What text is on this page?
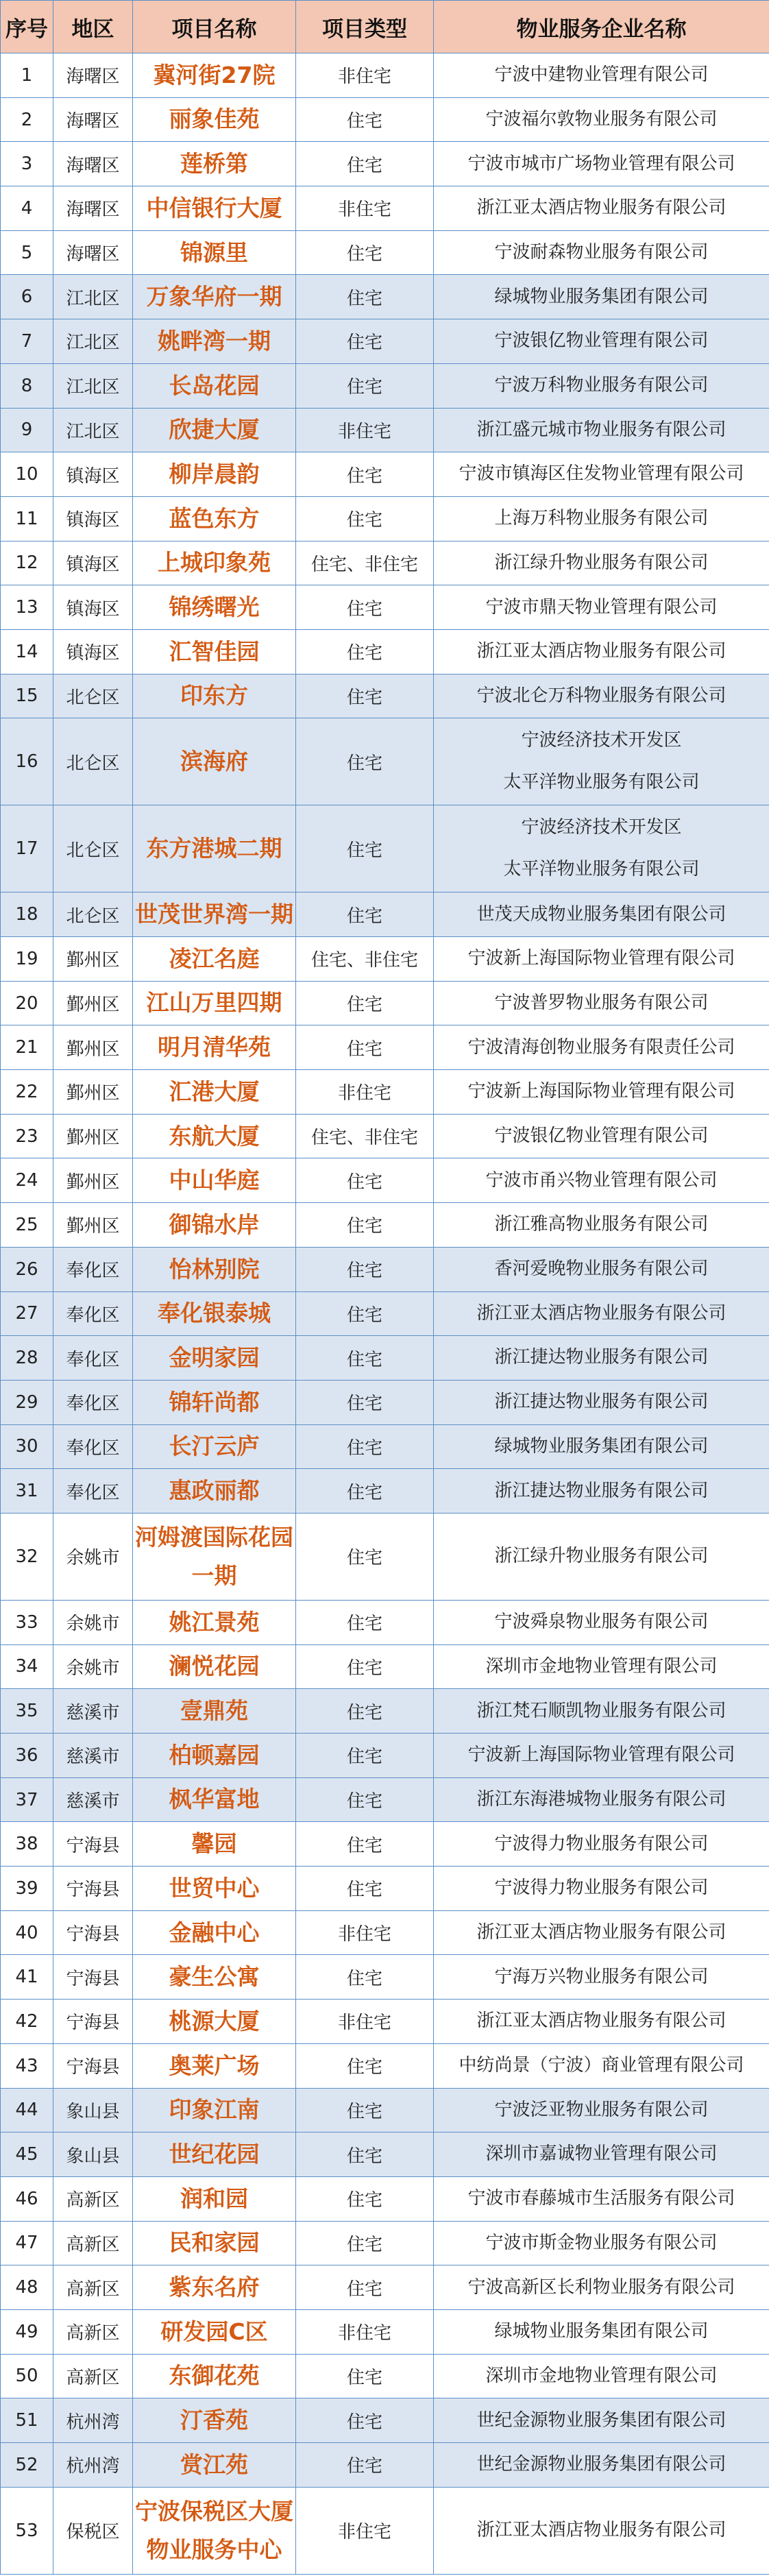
序号	地区	项目名称	项目类型	物业服务企业名称
1	海曙区	冀河街27院	非住宅	宁波中建物业管理有限公司
2	海曙区	丽象佳苑	住宅	宁波福尔敦物业服务有限公司
3	海曙区	莲桥第	住宅	宁波市城市广场物业管理有限公司
4	海曙区	中信银行大厦	非住宅	浙江亚太酒店物业服务有限公司
5	海曙区	锦源里	住宅	宁波耐森物业服务有限公司
6	江北区	万象华府一期	住宅	绿城物业服务集团有限公司
7	江北区	姚畔湾一期	住宅	宁波银亿物业管理有限公司
8	江北区	长岛花园	住宅	宁波万科物业服务有限公司
9	江北区	欣捷大厦	非住宅	浙江盛元城市物业服务有限公司
10	镇海区	柳岸晨韵	住宅	宁波市镇海区住发物业管理有限公司
11	镇海区	蓝色东方	住宅	上海万科物业服务有限公司
12	镇海区	上城印象苑	住宅、非住宅	浙江绿升物业服务有限公司
13	镇海区	锦绣曙光	住宅	宁波市鼎天物业管理有限公司
14	镇海区	汇智佳园	住宅	浙江亚太酒店物业服务有限公司
15	北仑区	印东方	住宅	宁波北仑万科物业服务有限公司
16	北仑区	滨海府	住宅	宁波经济技术开发区
太平洋物业服务有限公司
17	北仑区	东方港城二期	住宅	宁波经济技术开发区
太平洋物业服务有限公司
18	北仑区	世茂世界湾一期	住宅	世茂天成物业服务集团有限公司
19	鄞州区	凌江名庭	住宅、非住宅	宁波新上海国际物业管理有限公司
20	鄞州区	江山万里四期	住宅	宁波普罗物业服务有限公司
21	鄞州区	明月清华苑	住宅	宁波清海创物业服务有限责任公司
22	鄞州区	汇港大厦	非住宅	宁波新上海国际物业管理有限公司
23	鄞州区	东航大厦	住宅、非住宅	宁波银亿物业管理有限公司
24	鄞州区	中山华庭	住宅	宁波市甬兴物业管理有限公司
25	鄞州区	御锦水岸	住宅	浙江雅高物业服务有限公司
26	奉化区	怡林别院	住宅	香河爱晚物业服务有限公司
27	奉化区	奉化银泰城	住宅	浙江亚太酒店物业服务有限公司
28	奉化区	金明家园	住宅	浙江捷达物业服务有限公司
29	奉化区	锦轩尚都	住宅	浙江捷达物业服务有限公司
30	奉化区	长汀云庐	住宅	绿城物业服务集团有限公司
31	奉化区	惠政丽都	住宅	浙江捷达物业服务有限公司
32	余姚市	河姆渡国际花园
一期	住宅	浙江绿升物业服务有限公司
33	余姚市	姚江景苑	住宅	宁波舜泉物业服务有限公司
34	余姚市	澜悦花园	住宅	深圳市金地物业管理有限公司
35	慈溪市	壹鼎苑	住宅	浙江梵石顺凯物业服务有限公司
36	慈溪市	柏顿嘉园	住宅	宁波新上海国际物业管理有限公司
37	慈溪市	枫华富地	住宅	浙江东海港城物业服务有限公司
38	宁海县	馨园	住宅	宁波得力物业服务有限公司
39	宁海县	世贸中心	住宅	宁波得力物业服务有限公司
40	宁海县	金融中心	非住宅	浙江亚太酒店物业服务有限公司
41	宁海县	豪生公寓	住宅	宁海万兴物业服务有限公司
42	宁海县	桃源大厦	非住宅	浙江亚太酒店物业服务有限公司
43	宁海县	奥莱广场	住宅	中纺尚景（宁波）商业管理有限公司
44	象山县	印象江南	住宅	宁波泛亚物业服务有限公司
45	象山县	世纪花园	住宅	深圳市嘉诚物业管理有限公司
46	高新区	润和园	住宅	宁波市春藤城市生活服务有限公司
47	高新区	民和家园	住宅	宁波市斯金物业服务有限公司
48	高新区	紫东名府	住宅	宁波高新区长利物业服务有限公司
49	高新区	研发园C区	非住宅	绿城物业服务集团有限公司
50	高新区	东御花苑	住宅	深圳市金地物业管理有限公司
51	杭州湾	汀香苑	住宅	世纪金源物业服务集团有限公司
52	杭州湾	赏江苑	住宅	世纪金源物业服务集团有限公司
53	保税区	宁波保税区大厦
物业服务中心	非住宅	浙江亚太酒店物业服务有限公司
